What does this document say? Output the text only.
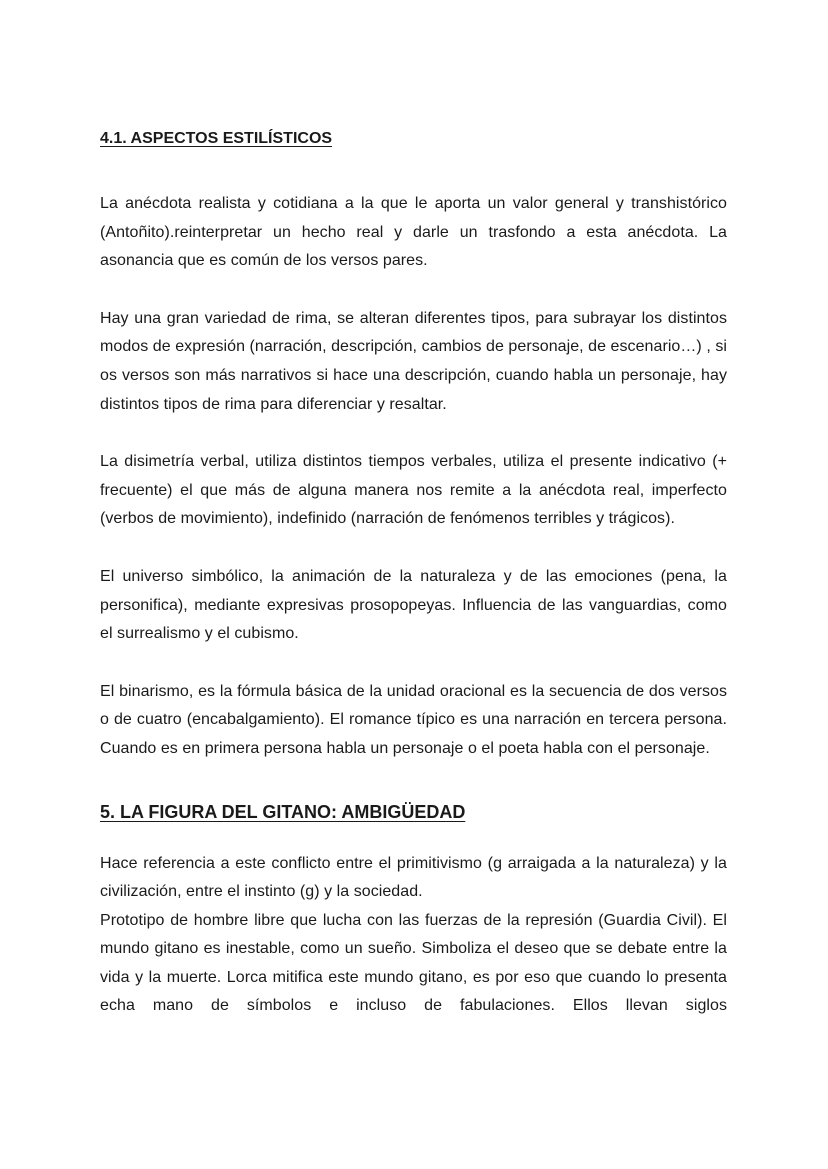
4.1. ASPECTOS ESTILÍSTICOS

La anécdota realista y cotidiana a la que le aporta un valor general y transhistórico (Antoñito).reinterpretar un hecho real y darle un trasfondo a esta anécdota. La asonancia que es común de los versos pares.

Hay una gran variedad de rima, se alteran diferentes tipos, para subrayar los distintos modos de expresión (narración, descripción, cambios de personaje, de escenario…) , si os versos son más narrativos si hace una descripción, cuando habla un personaje, hay distintos tipos de rima para diferenciar y resaltar.

La disimetría verbal, utiliza distintos tiempos verbales, utiliza el presente indicativo (+ frecuente) el que más de alguna manera nos remite a la anécdota real, imperfecto (verbos de movimiento), indefinido (narración de fenómenos terribles y trágicos).

El universo simbólico, la animación de la naturaleza y de las emociones (pena, la personifica), mediante expresivas prosopopeyas. Influencia de las vanguardias, como el surrealismo y el cubismo.

El binarismo, es la fórmula básica de la unidad oracional es la secuencia de dos versos o de cuatro (encabalgamiento). El romance típico es una narración en tercera persona. Cuando es en primera persona habla un personaje o el poeta habla con el personaje.

5. LA FIGURA DEL GITANO: AMBIGÜEDAD

Hace referencia a este conflicto entre el primitivismo (g arraigada a la naturaleza) y la civilización, entre el instinto (g) y la sociedad.

Prototipo de hombre libre que lucha con las fuerzas de la represión (Guardia Civil). El mundo gitano es inestable, como un sueño. Simboliza el deseo que se debate entre la vida y la muerte. Lorca mitifica este mundo gitano, es por eso que cuando lo presenta echa mano de símbolos e incluso de fabulaciones. Ellos llevan siglos
